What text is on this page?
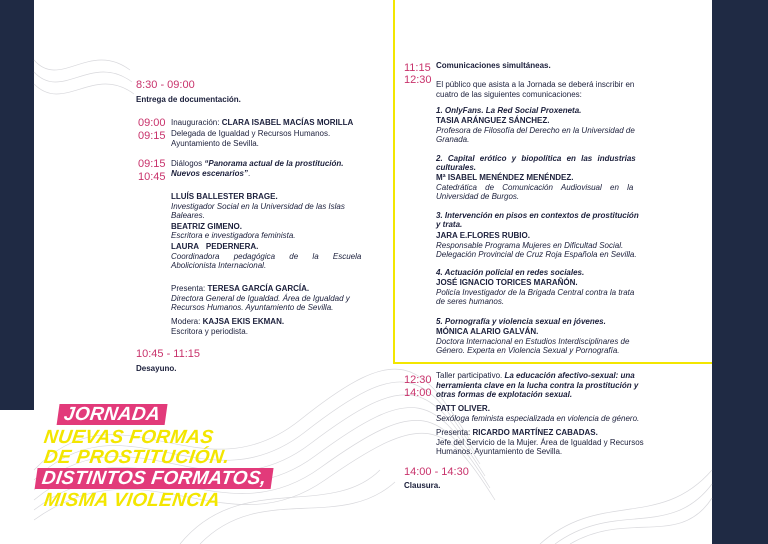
8:30 - 09:00
Entrega de documentación.
09:00
09:15
Inauguración: CLARA ISABEL MACÍAS MORILLA
Delegada de Igualdad y Recursos Humanos.
Ayuntamiento de Sevilla.
09:15
10:45
Diálogos “Panorama actual de la prostitución.
Nuevos escenarios”.
LLUÍS BALLESTER BRAGE.
Investigador Social en la Universidad de las Islas
Baleares.
BEATRIZ GIMENO.
Escritora e investigadora feminista.
LAURA PEDERNERA.
Coordinadora pedagógica de la Escuela
Abolicionista Internacional.
Presenta: TERESA GARCÍA GARCÍA.
Directora General de Igualdad. Área de Igualdad y
Recursos Humanos. Ayuntamiento de Sevilla.
Modera: KAJSA EKIS EKMAN.
Escritora y periodista.
10:45 - 11:15
Desayuno.
11:15
12:30
Comunicaciones simultáneas.
El público que asista a la Jornada se deberá inscribir en
cuatro de las siguientes comunicaciones:
1. OnlyFans. La Red Social Proxeneta.
TASIA ARÁNGUEZ SÁNCHEZ.
Profesora de Filosofía del Derecho en la Universidad de
Granada.
2. Capital erótico y biopolítica en las industrias
culturales.
Mª ISABEL MENÉNDEZ MENÉNDEZ.
Catedrática de Comunicación Audiovisual en la
Universidad de Burgos.
3. Intervención en pisos en contextos de prostitución
y trata.
JARA E.FLORES RUBIO.
Responsable Programa Mujeres en Dificultad Social.
Delegación Provincial de Cruz Roja Española en Sevilla.
4. Actuación policial en redes sociales.
JOSÉ IGNACIO TORICES MARAÑÓN.
Policía Investigador de la Brigada Central contra la trata
de seres humanos.
5. Pornografía y violencia sexual en jóvenes.
MÓNICA ALARIO GALVÁN.
Doctora Internacional en Estudios Interdisciplinares de
Género. Experta en Violencia Sexual y Pornografía.
12:30
14:00
Taller participativo. La educación afectivo-sexual: una
herramienta clave en la lucha contra la prostitución y
otras formas de explotación sexual.
PATT OLIVER.
Sexóloga feminista especializada en violencia de género.
Presenta: RICARDO MARTÍNEZ CABADAS.
Jefe del Servicio de la Mujer. Área de Igualdad y Recursos
Humanos. Ayuntamiento de Sevilla.
14:00 - 14:30
Clausura.
JORNADA
NUEVAS FORMAS
DE PROSTITUCIÓN.
DISTINTOS FORMATOS,
MISMA VIOLENCIA
